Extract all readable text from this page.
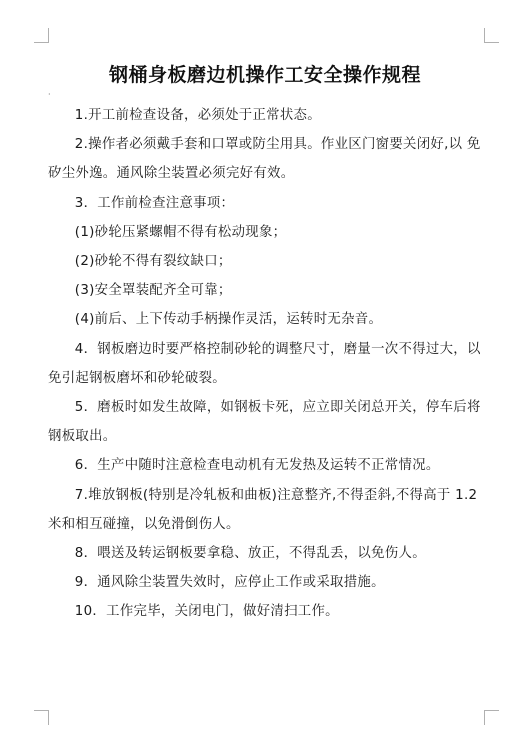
钢桶身板磨边机操作工安全操作规程
·

1.开工前检查设备，必须处于正常状态。

2.操作者必须戴手套和口罩或防尘用具。作业区门窗要关闭好,以 免矽尘外逸。通风除尘装置必须完好有效。

3．工作前检查注意事项：

(1)砂轮压紧螺帽不得有松动现象；

(2)砂轮不得有裂纹缺口；

(3)安全罩装配齐全可靠；

(4)前后、上下传动手柄操作灵活，运转时无杂音。

4．钢板磨边时要严格控制砂轮的调整尺寸，磨量一次不得过大，以免引起钢板磨坏和砂轮破裂。

5．磨板时如发生故障，如钢板卡死，应立即关闭总开关，停车后将钢板取出。

6．生产中随时注意检查电动机有无发热及运转不正常情况。

7.堆放钢板(特别是冷轧板和曲板)注意整齐,不得歪斜,不得高于 1.2 米和相互碰撞，以免滑倒伤人。

8．喂送及转运钢板要拿稳、放正，不得乱丢，以免伤人。

9．通风除尘装置失效时，应停止工作或采取措施。

10．工作完毕，关闭电门，做好清扫工作。
